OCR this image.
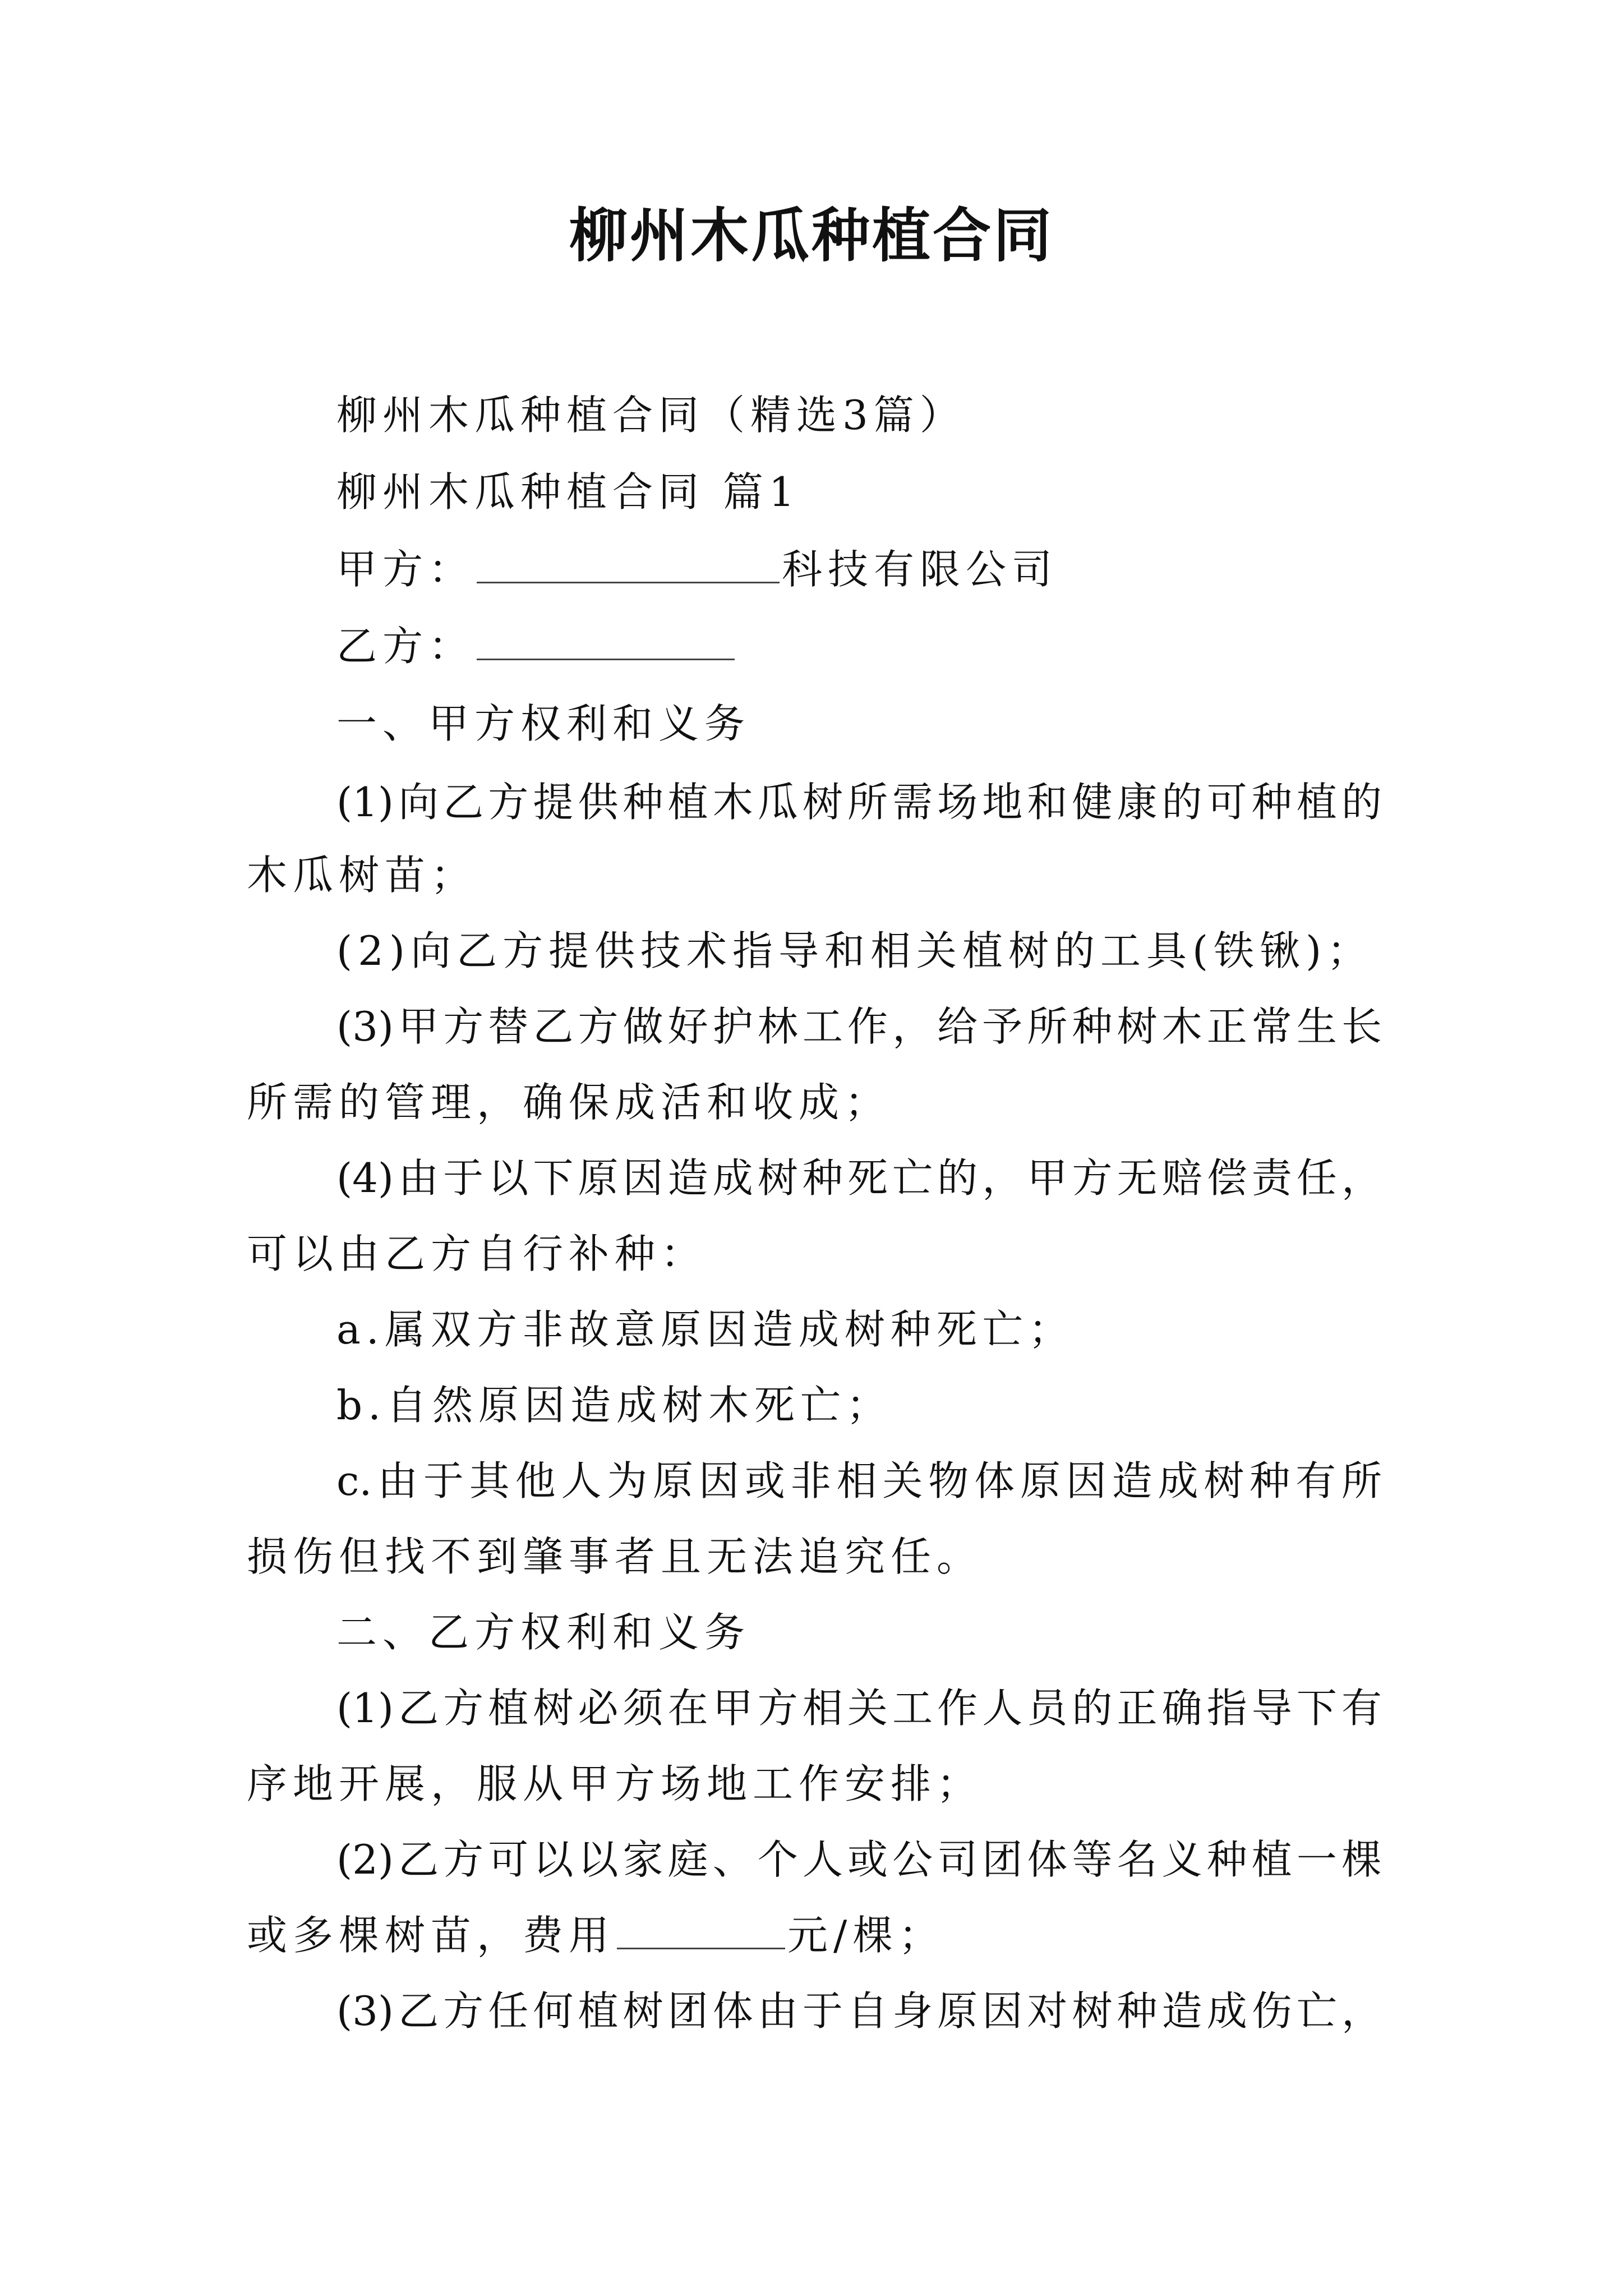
柳州木瓜种植合同
柳州木瓜种植合同（精选3篇）
柳州木瓜种植合同 篇1
甲方：	科技有限公司
乙方：
一、甲方权利和义务
(1)向乙方提供种植木瓜树所需场地和健康的可种植的
木瓜树苗；
(2)向乙方提供技术指导和相关植树的工具(铁锹)；
(3)甲方替乙方做好护林工作，给予所种树木正常生长
所需的管理，确保成活和收成；
(4)由于以下原因造成树种死亡的，甲方无赔偿责任，
可以由乙方自行补种：
a.属双方非故意原因造成树种死亡；
b.自然原因造成树木死亡；
c.由于其他人为原因或非相关物体原因造成树种有所
损伤但找不到肇事者且无法追究任。
二、乙方权利和义务
(1)乙方植树必须在甲方相关工作人员的正确指导下有
序地开展，服从甲方场地工作安排；
(2)乙方可以以家庭、个人或公司团体等名义种植一棵
或多棵树苗，费用	元/棵；
(3)乙方任何植树团体由于自身原因对树种造成伤亡，
